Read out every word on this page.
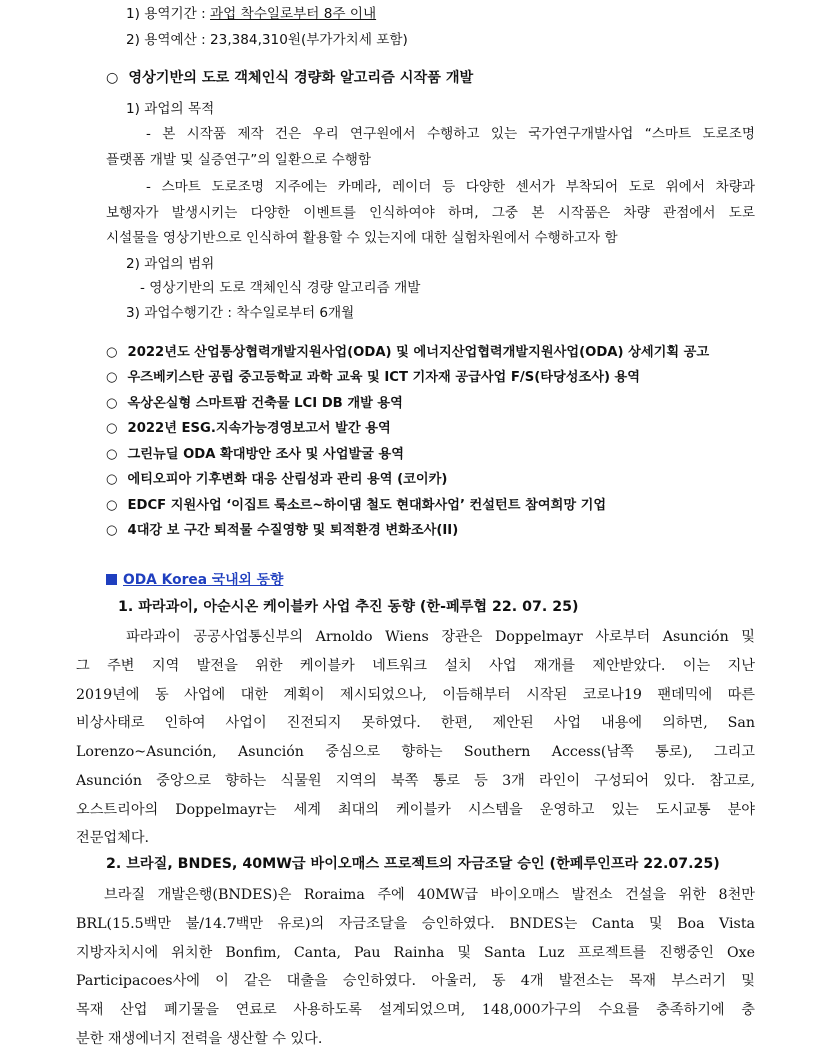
1) 용역기간 : 과업 착수일로부터 8주 이내
2) 용역예산 : 23,384,310원(부가가치세 포함)
○ 영상기반의 도로 객체인식 경량화 알고리즘 시작품 개발
1) 과업의 목적
- 본 시작품 제작 건은 우리 연구원에서 수행하고 있는 국가연구개발사업 “스마트 도로조명
플랫폼 개발 및 실증연구”의 일환으로 수행함
- 스마트 도로조명 지주에는 카메라, 레이더 등 다양한 센서가 부착되어 도로 위에서 차량과
보행자가 발생시키는 다양한 이벤트를 인식하여야 하며, 그중 본 시작품은 차량 관점에서 도로
시설물을 영상기반으로 인식하여 활용할 수 있는지에 대한 실험차원에서 수행하고자 함
2) 과업의 범위
- 영상기반의 도로 객체인식 경량 알고리즘 개발
3) 과업수행기간 : 착수일로부터 6개월
○ 2022년도 산업통상협력개발지원사업(ODA) 및 에너지산업협력개발지원사업(ODA) 상세기획 공고
○ 우즈베키스탄 공립 중고등학교 과학 교육 및 ICT 기자재 공급사업 F/S(타당성조사) 용역
○ 옥상온실형 스마트팜 건축물 LCI DB 개발 용역
○ 2022년 ESG.지속가능경영보고서 발간 용역
○ 그린뉴딜 ODA 확대방안 조사 및 사업발굴 용역
○ 에티오피아 기후변화 대응 산림성과 관리 용역 (코이카)
○ EDCF 지원사업 ‘이집트 룩소르~하이댐 철도 현대화사업’ 컨설턴트 참여희망 기업
○ 4대강 보 구간 퇴적물 수질영향 및 퇴적환경 변화조사(II)
ODA Korea 국내외 동향
1. 파라과이, 아순시온 케이블카 사업 추진 동향 (한-페루협 22. 07. 25)
파라과이 공공사업통신부의 Arnoldo Wiens 장관은 Doppelmayr 사로부터 Asunción 및
그 주변 지역 발전을 위한 케이블카 네트워크 설치 사업 재개를 제안받았다. 이는 지난
2019년에 동 사업에 대한 계획이 제시되었으나, 이듬해부터 시작된 코로나19 팬데믹에 따른
비상사태로 인하여 사업이 진전되지 못하였다. 한편, 제안된 사업 내용에 의하면, San
Lorenzo~Asunción, Asunción 중심으로 향하는 Southern Access(남쪽 통로), 그리고
Asunción 중앙으로 향하는 식물원 지역의 북쪽 통로 등 3개 라인이 구성되어 있다. 참고로,
오스트리아의 Doppelmayr는 세계 최대의 케이블카 시스템을 운영하고 있는 도시교통 분야
전문업체다.
2. 브라질, BNDES, 40MW급 바이오매스 프로젝트의 자금조달 승인 (한페루인프라 22.07.25)
브라질 개발은행(BNDES)은 Roraima 주에 40MW급 바이오매스 발전소 건설을 위한 8천만
BRL(15.5백만 불/14.7백만 유로)의 자금조달을 승인하였다. BNDES는 Canta 및 Boa Vista
지방자치시에 위치한 Bonfim, Canta, Pau Rainha 및 Santa Luz 프로젝트를 진행중인 Oxe
Participacoes사에 이 같은 대출을 승인하였다. 아울러, 동 4개 발전소는 목재 부스러기 및
목재 산업 폐기물을 연료로 사용하도록 설계되었으며, 148,000가구의 수요를 충족하기에 충
분한 재생에너지 전력을 생산할 수 있다.
